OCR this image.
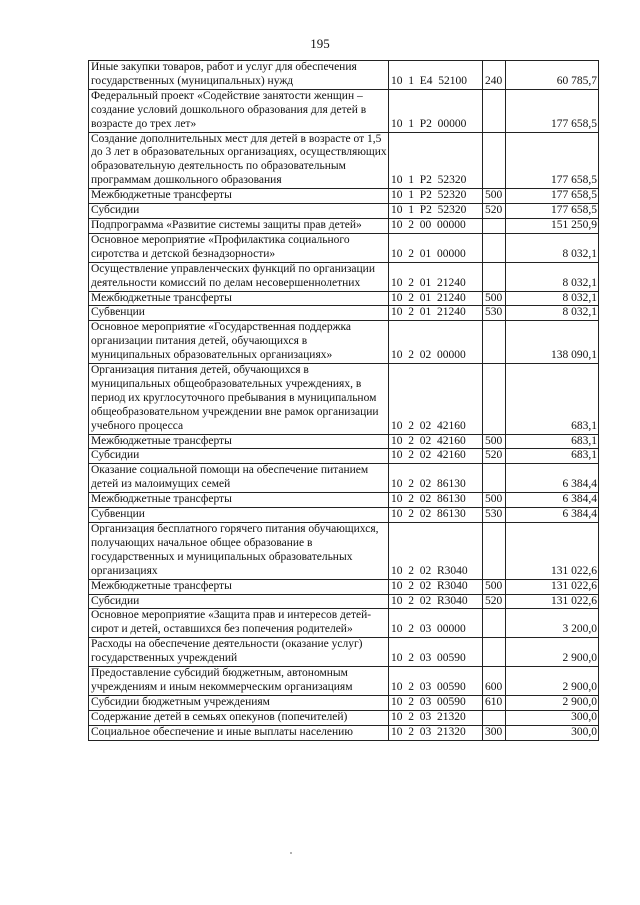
195
Иные закупки товаров, работ и услуг для обеспечения государственных (муниципальных) нужд	10  1  Е4  52100	240	60 785,7
Федеральный проект «Содействие занятости женщин – создание условий дошкольного образования для детей в возрасте до трех лет»	10  1  Р2  00000		177 658,5
Создание дополнительных мест для детей в возрасте от 1,5 до 3 лет в образовательных организациях, осуществляющих образовательную деятельность по образовательным программам дошкольного образования	10  1  Р2  52320		177 658,5
Межбюджетные трансферты	10  1  Р2  52320	500	177 658,5
Субсидии	10  1  Р2  52320	520	177 658,5
Подпрограмма «Развитие системы защиты прав детей»	10  2  00  00000		151 250,9
Основное мероприятие «Профилактика социального сиротства и детской безнадзорности»	10  2  01  00000		8 032,1
Осуществление управленческих функций по организации деятельности комиссий по делам несовершеннолетних	10  2  01  21240		8 032,1
Межбюджетные трансферты	10  2  01  21240	500	8 032,1
Субвенции	10  2  01  21240	530	8 032,1
Основное мероприятие «Государственная поддержка организации питания детей, обучающихся в муниципальных образовательных организациях»	10  2  02  00000		138 090,1
Организация питания детей, обучающихся в муниципальных общеобразовательных учреждениях, в период их круглосуточного пребывания в муниципальном общеобразовательном учреждении вне рамок организации учебного процесса	10  2  02  42160		683,1
Межбюджетные трансферты	10  2  02  42160	500	683,1
Субсидии	10  2  02  42160	520	683,1
Оказание социальной помощи на обеспечение питанием детей из малоимущих семей	10  2  02  86130		6 384,4
Межбюджетные трансферты	10  2  02  86130	500	6 384,4
Субвенции	10  2  02  86130	530	6 384,4
Организация бесплатного горячего питания обучающихся, получающих начальное общее образование в государственных и муниципальных образовательных организациях	10  2  02  R3040		131 022,6
Межбюджетные трансферты	10  2  02  R3040	500	131 022,6
Субсидии	10  2  02  R3040	520	131 022,6
Основное мероприятие «Защита прав и интересов детей-сирот и детей, оставшихся без попечения родителей»	10  2  03  00000		3 200,0
Расходы на обеспечение деятельности (оказание услуг) государственных учреждений	10  2  03  00590		2 900,0
Предоставление субсидий бюджетным, автономным учреждениям и иным некоммерческим организациям	10  2  03  00590	600	2 900,0
Субсидии бюджетным учреждениям	10  2  03  00590	610	2 900,0
Содержание детей в семьях опекунов (попечителей)	10  2  03  21320		300,0
Социальное обеспечение и иные выплаты населению	10  2  03  21320	300	300,0
